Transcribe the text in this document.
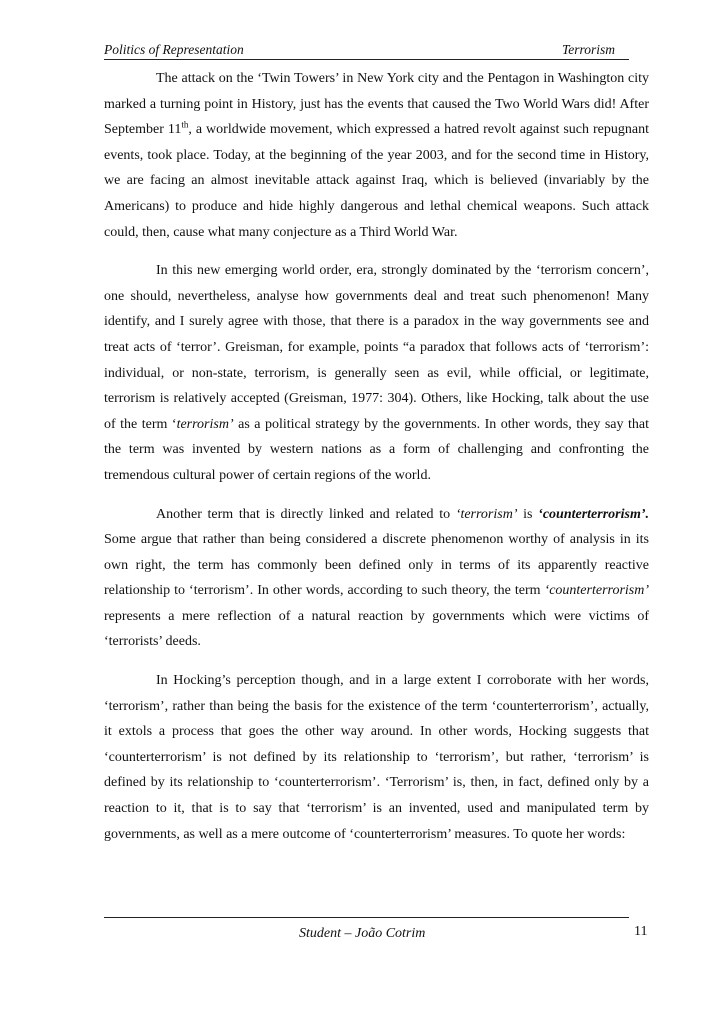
Politics of Representation	Terrorism

The attack on the ‘Twin Towers’ in New York city and the Pentagon in Washington city marked a turning point in History, just has the events that caused the Two World Wars did! After September 11th, a worldwide movement, which expressed a hatred revolt against such repugnant events, took place. Today, at the beginning of the year 2003, and for the second time in History, we are facing an almost inevitable attack against Iraq, which is believed (invariably by the Americans) to produce and hide highly dangerous and lethal chemical weapons. Such attack could, then, cause what many conjecture as a Third World War.

In this new emerging world order, era, strongly dominated by the ‘terrorism concern’, one should, nevertheless, analyse how governments deal and treat such phenomenon! Many identify, and I surely agree with those, that there is a paradox in the way governments see and treat acts of ‘terror’. Greisman, for example, points “a paradox that follows acts of ‘terrorism’: individual, or non-state, terrorism, is generally seen as evil, while official, or legitimate, terrorism is relatively accepted (Greisman, 1977: 304). Others, like Hocking, talk about the use of the term ‘terrorism’ as a political strategy by the governments. In other words, they say that the term was invented by western nations as a form of challenging and confronting the tremendous cultural power of certain regions of the world.

Another term that is directly linked and related to ‘terrorism’ is ‘counterterrorism’. Some argue that rather than being considered a discrete phenomenon worthy of analysis in its own right, the term has commonly been defined only in terms of its apparently reactive relationship to ‘terrorism’. In other words, according to such theory, the term ‘counterterrorism’ represents a mere reflection of a natural reaction by governments which were victims of ‘terrorists’ deeds.

In Hocking’s perception though, and in a large extent I corroborate with her words, ‘terrorism’, rather than being the basis for the existence of the term ‘counterterrorism’, actually, it extols a process that goes the other way around. In other words, Hocking suggests that ‘counterterrorism’ is not defined by its relationship to ‘terrorism’, but rather, ‘terrorism’ is defined by its relationship to ‘counterterrorism’. ‘Terrorism’ is, then, in fact, defined only by a reaction to it, that is to say that ‘terrorism’ is an invented, used and manipulated term by governments, as well as a mere outcome of ‘counterterrorism’ measures. To quote her words:

Student – João Cotrim	11
